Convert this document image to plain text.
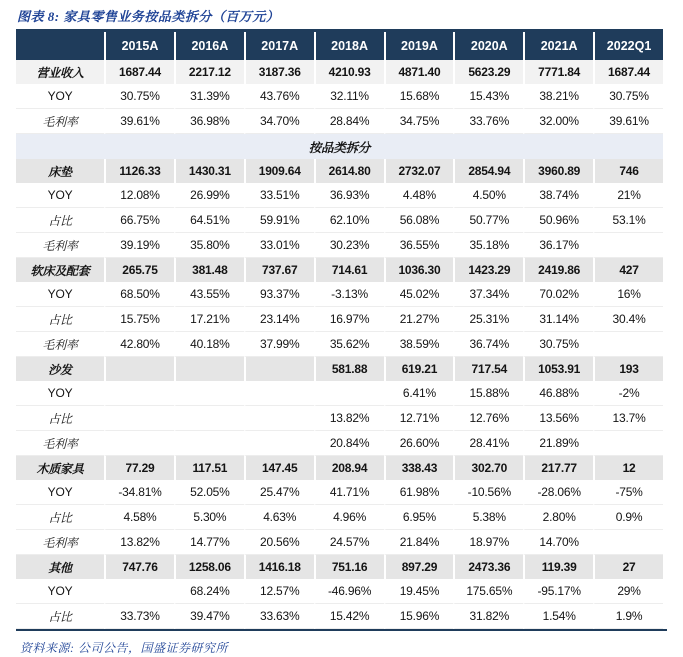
图表 8: 家具零售业务按品类拆分（百万元）
	2015A	2016A	2017A	2018A	2019A	2020A	2021A	2022Q1
营业收入	1687.44	2217.12	3187.36	4210.93	4871.40	5623.29	7771.84	1687.44
YOY	30.75%	31.39%	43.76%	32.11%	15.68%	15.43%	38.21%	30.75%
毛利率	39.61%	36.98%	34.70%	28.84%	34.75%	33.76%	32.00%	39.61%
按品类拆分								
床垫	1126.33	1430.31	1909.64	2614.80	2732.07	2854.94	3960.89	746
YOY	12.08%	26.99%	33.51%	36.93%	4.48%	4.50%	38.74%	21%
占比	66.75%	64.51%	59.91%	62.10%	56.08%	50.77%	50.96%	53.1%
毛利率	39.19%	35.80%	33.01%	30.23%	36.55%	35.18%	36.17%	
软床及配套	265.75	381.48	737.67	714.61	1036.30	1423.29	2419.86	427
YOY	68.50%	43.55%	93.37%	-3.13%	45.02%	37.34%	70.02%	16%
占比	15.75%	17.21%	23.14%	16.97%	21.27%	25.31%	31.14%	30.4%
毛利率	42.80%	40.18%	37.99%	35.62%	38.59%	36.74%	30.75%	
沙发				581.88	619.21	717.54	1053.91	193
YOY					6.41%	15.88%	46.88%	-2%
占比				13.82%	12.71%	12.76%	13.56%	13.7%
毛利率				20.84%	26.60%	28.41%	21.89%	
木质家具	77.29	117.51	147.45	208.94	338.43	302.70	217.77	12
YOY	-34.81%	52.05%	25.47%	41.71%	61.98%	-10.56%	-28.06%	-75%
占比	4.58%	5.30%	4.63%	4.96%	6.95%	5.38%	2.80%	0.9%
毛利率	13.82%	14.77%	20.56%	24.57%	21.84%	18.97%	14.70%	
其他	747.76	1258.06	1416.18	751.16	897.29	2473.36	119.39	27
YOY		68.24%	12.57%	-46.96%	19.45%	175.65%	-95.17%	29%
占比	33.73%	39.47%	33.63%	15.42%	15.96%	31.82%	1.54%	1.9%
资料来源: 公司公告，国盛证券研究所
